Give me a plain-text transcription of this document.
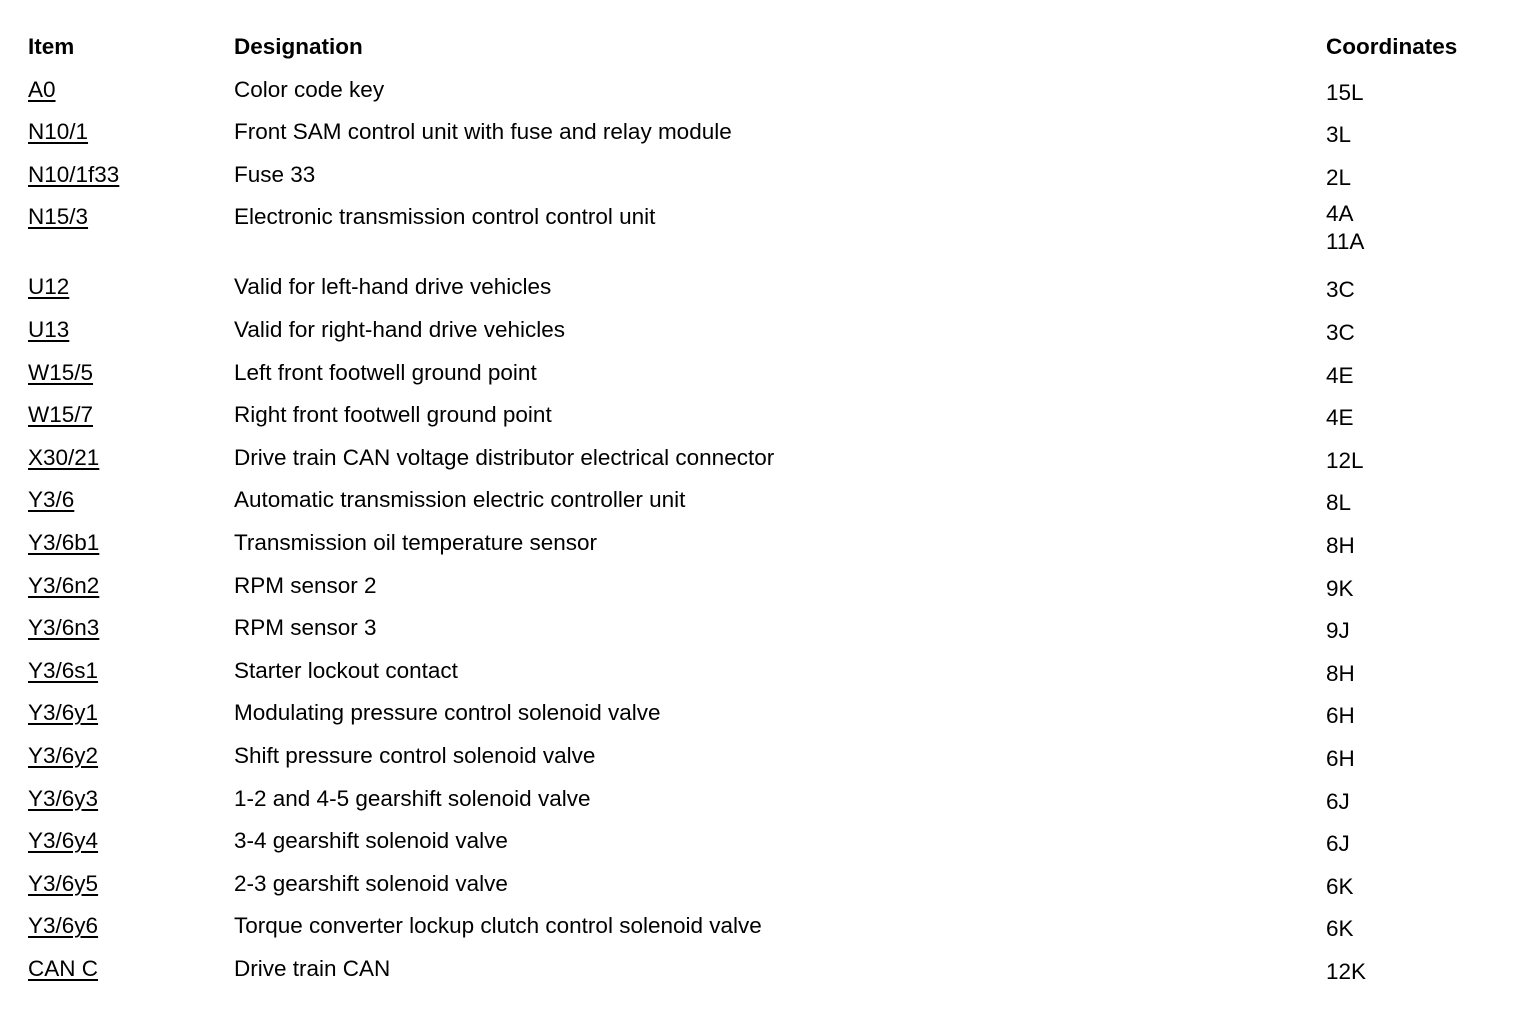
Item	Designation	Coordinates
A0	Color code key	15L
N10/1	Front SAM control unit with fuse and relay module	3L
N10/1f33	Fuse 33	2L
N15/3	Electronic transmission control control unit	4A
11A
U12	Valid for left-hand drive vehicles	3C
U13	Valid for right-hand drive vehicles	3C
W15/5	Left front footwell ground point	4E
W15/7	Right front footwell ground point	4E
X30/21	Drive train CAN voltage distributor electrical connector	12L
Y3/6	Automatic transmission electric controller unit	8L
Y3/6b1	Transmission oil temperature sensor	8H
Y3/6n2	RPM sensor 2	9K
Y3/6n3	RPM sensor 3	9J
Y3/6s1	Starter lockout contact	8H
Y3/6y1	Modulating pressure control solenoid valve	6H
Y3/6y2	Shift pressure control solenoid valve	6H
Y3/6y3	1-2 and 4-5 gearshift solenoid valve	6J
Y3/6y4	3-4 gearshift solenoid valve	6J
Y3/6y5	2-3 gearshift solenoid valve	6K
Y3/6y6	Torque converter lockup clutch control solenoid valve	6K
CAN C	Drive train CAN	12K
